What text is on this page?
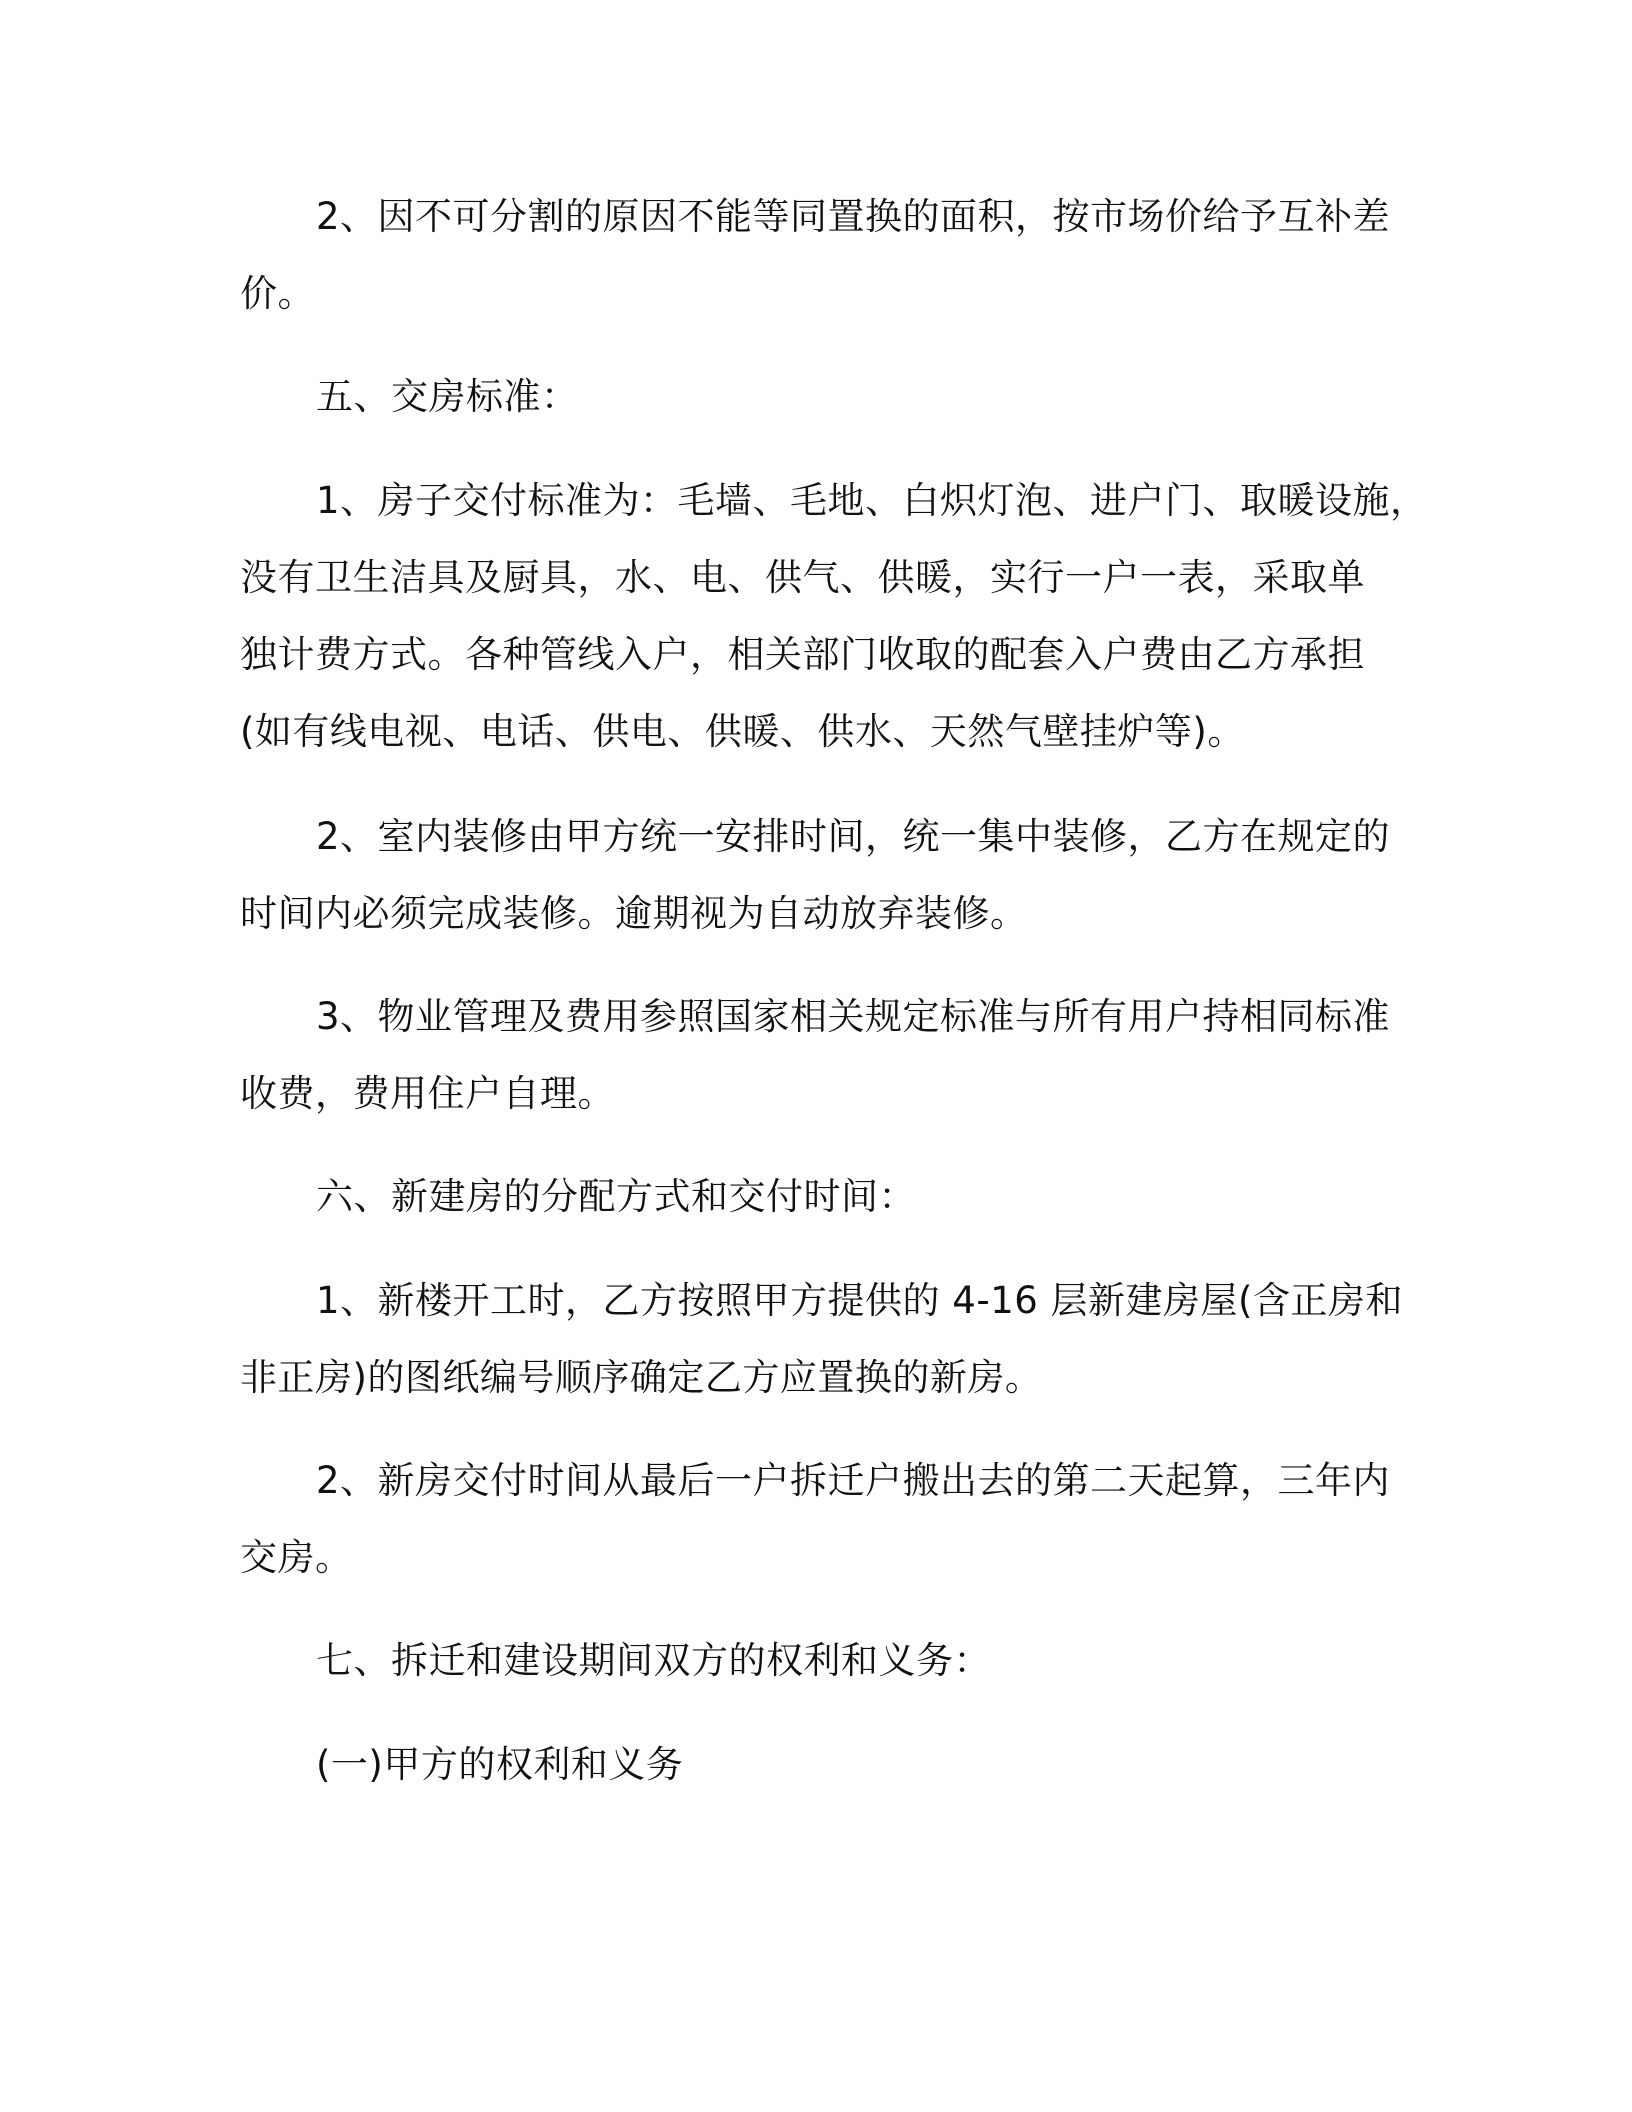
2、因不可分割的原因不能等同置换的面积，按市场价给予互补差
价。
五、交房标准：
1、房子交付标准为：毛墙、毛地、白炽灯泡、进户门、取暖设施，
没有卫生洁具及厨具，水、电、供气、供暖，实行一户一表，采取单
独计费方式。各种管线入户，相关部门收取的配套入户费由乙方承担
(如有线电视、电话、供电、供暖、供水、天然气壁挂炉等)。
2、室内装修由甲方统一安排时间，统一集中装修，乙方在规定的
时间内必须完成装修。逾期视为自动放弃装修。
3、物业管理及费用参照国家相关规定标准与所有用户持相同标准
收费，费用住户自理。
六、新建房的分配方式和交付时间：
1、新楼开工时，乙方按照甲方提供的 4-16 层新建房屋(含正房和
非正房)的图纸编号顺序确定乙方应置换的新房。
2、新房交付时间从最后一户拆迁户搬出去的第二天起算，三年内
交房。
七、拆迁和建设期间双方的权利和义务：
(一)甲方的权利和义务
